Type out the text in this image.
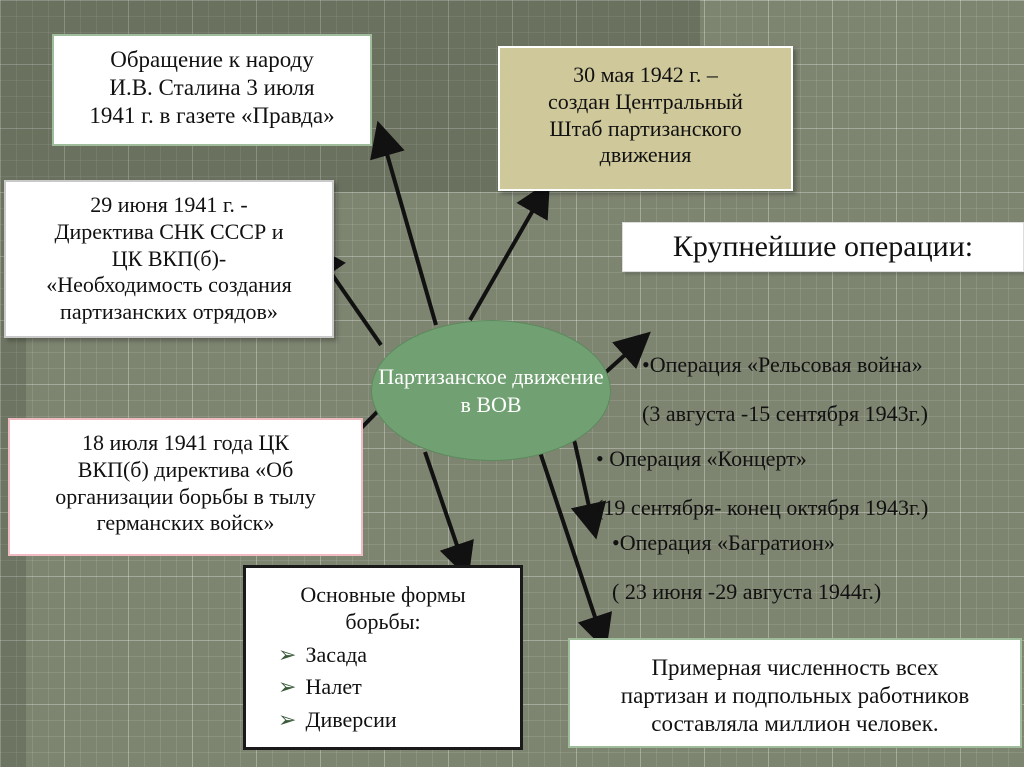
Обращение к народу

И.В. Сталина 3 июля

1941 г. в газете «Правда»

30 мая 1942 г. –

создан Центральный

Штаб партизанского

движения

29 июня 1941 г. -

Директива СНК СССР и

ЦК ВКП(б)-

«Необходимость создания

партизанских отрядов»

18 июля 1941 года ЦК

ВКП(б) директива «Об

организации борьбы в тылу

германских войск»

Основные формы

борьбы:

➢ Засада
➢ Налет
➢ Диверсии

Примерная численность всех

партизан и подпольных работников

составляла миллион человек.

Крупнейшие операции:

•Операция «Рельсовая война»

(3 августа -15 сентября 1943г.)

• Операция «Концерт»

(19 сентября- конец октября 1943г.)

•Операция «Багратион»

( 23 июня -29 августа 1944г.)

Партизанское движение в ВОВ
